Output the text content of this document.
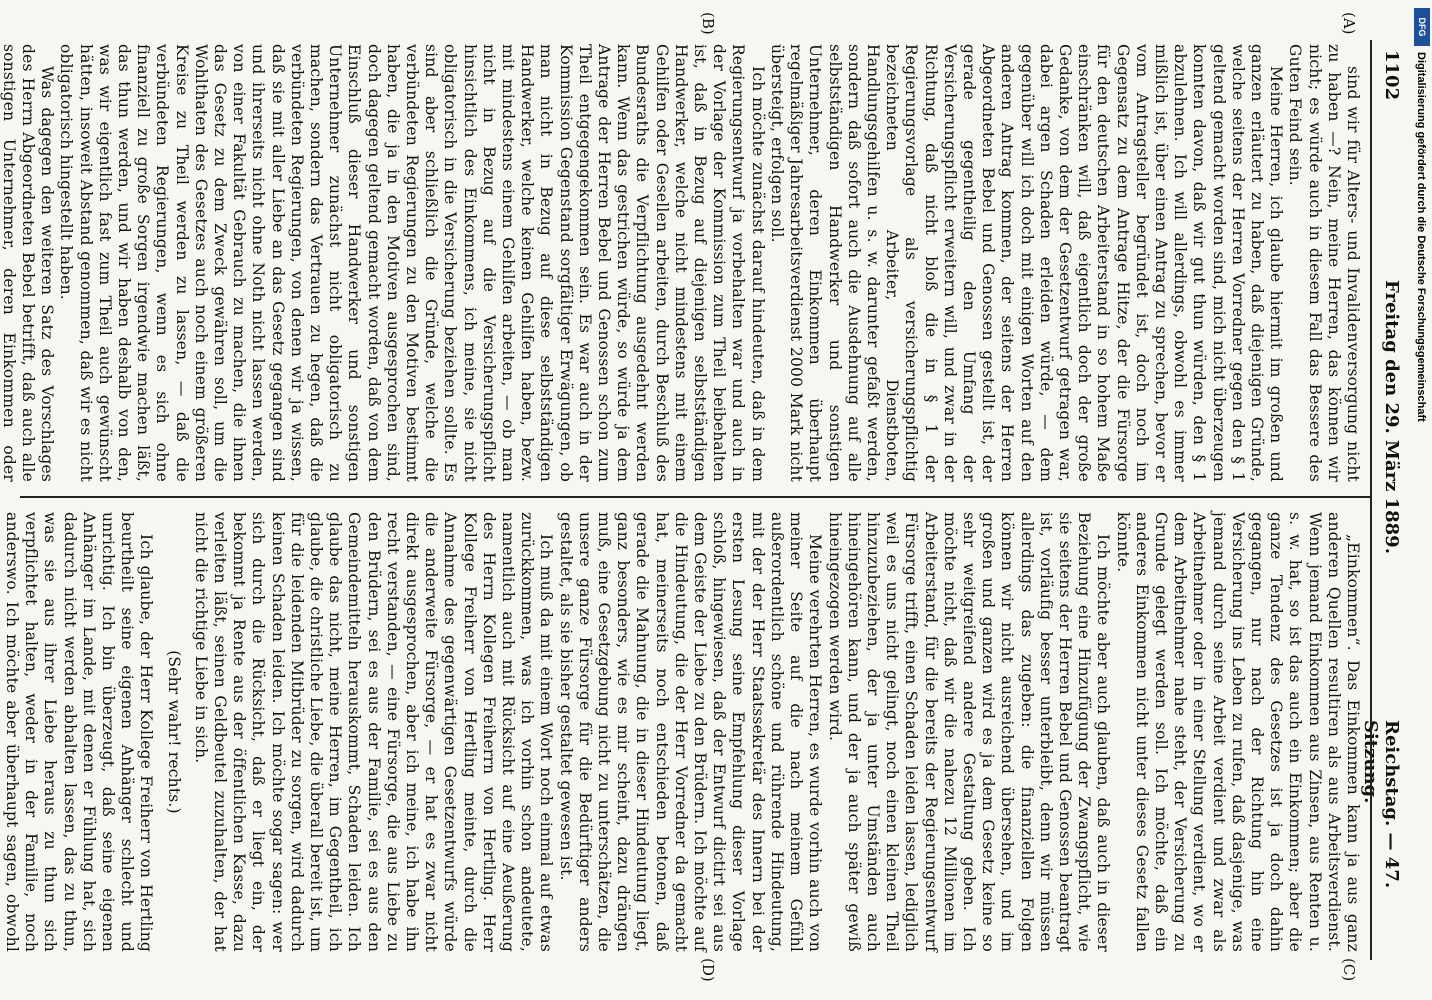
1102
Reichstag. — 47. Sitzung.
Freitag den 29. März 1889.
(A)
(B)
(C)
(D)

sind wir für Alters- und Invalidenversorgung nicht zu haben —? Nein, meine Herren, das können wir nicht; es würde auch in diesem Fall das Bessere des Guten Feind sein.

Meine Herren, ich glaube hiermit im großen und ganzen erläutert zu haben, daß diejenigen Gründe, welche seitens der Herren Vorredner gegen den § 1 geltend gemacht worden sind, mich nicht überzeugen konnten davon, daß wir gut thun würden, den § 1 abzulehnen. Ich will allerdings, obwohl es immer mißlich ist, über einen Antrag zu sprechen, bevor er vom Antragsteller begründet ist, doch noch im Gegensatz zu dem Antrage Hitze, der die Fürsorge für den deutschen Arbeiterstand in so hohem Maße einschränken will, daß eigentlich doch der große Gedanke, von dem der Gesetzentwurf getragen war, dabei argen Schaden erleiden würde, — dem gegenüber will ich doch mit einigen Worten auf den anderen Antrag kommen, der seitens der Herren Abgeordneten Bebel und Genossen gestellt ist, der gerade gegentheilig den Umfang der Versicherungspflicht erweitern will, und zwar in der Richtung, daß nicht bloß die in § 1 der Regierungsvorlage als versicherungspflichtig bezeichneten Arbeiter, Dienstboten, Handlungsgehilfen u. s. w. darunter gefaßt werden, sondern daß sofort auch die Ausdehnung auf alle selbstständigen Handwerker und sonstigen Unternehmer, deren Einkommen überhaupt regelmäßiger Jahresarbeitsverdienst 2000 Mark nicht übersteigt, erfolgen soll.

Ich möchte zunächst darauf hindeuten, daß in dem Regierungsentwurf ja vorbehalten war und auch in der Vorlage der Kommission zum Theil beibehalten ist, daß in Bezug auf diejenigen selbstständigen Handwerker, welche nicht mindestens mit einem Gehilfen oder Gesellen arbeiten, durch Beschluß des Bundesraths die Verpflichtung ausgedehnt werden kann. Wenn das gestrichen würde, so würde ja dem Antrage der Herren Bebel und Genossen schon zum Theil entgegengekommen sein. Es war auch in der Kommission Gegenstand sorgfältiger Erwägungen, ob man nicht in Bezug auf diese selbstständigen Handwerker, welche keinen Gehilfen haben, bezw. mit mindestens einem Gehilfen arbeiten, — ob man nicht in Bezug auf die Versicherungspflicht hinsichtlich des Einkommens, ich meine, sie nicht obligatorisch in die Versicherung beziehen sollte. Es sind aber schließlich die Gründe, welche die verbündeten Regierungen zu den Motiven bestimmt haben, die ja in den Motiven ausgesprochen sind, doch dagegen geltend gemacht worden, daß von dem Einschluß dieser Handwerker und sonstigen Unternehmer zunächst nicht obligatorisch zu machen, sondern das Vertrauen zu hegen, daß die verbündeten Regierungen, von denen wir ja wissen, daß sie mit aller Liebe an das Gesetz gegangen sind und ihrerseits nicht ohne Noth nicht lassen werden, von einer Fakultät Gebrauch zu machen, die ihnen das Gesetz zu dem Zweck gewähren soll, um die Wohlthaten des Gesetzes auch noch einem größeren Kreise zu Theil werden zu lassen, — daß die verbündeten Regierungen, wenn es sich ohne finanziell zu große Sorgen irgendwie machen läßt, das thun werden, und wir haben deshalb von den, was wir eigentlich fast zum Theil auch gewünscht hätten, insoweit Abstand genommen, daß wir es nicht obligatorisch hingestellt haben.

Was dagegen den weiteren Satz des Vorschlages des Herrn Abgeordneten Bebel betrifft, daß auch alle sonstigen Unternehmer, deren Einkommen oder

„Einkommen“. Das Einkommen kann ja aus ganz anderen Quellen resultiren als aus Arbeitsverdienst. Wenn jemand Einkommen aus Zinsen, aus Renten u. s. w. hat, so ist das auch ein Einkommen; aber die ganze Tendenz des Gesetzes ist ja doch dahin gegangen, nur nach der Richtung hin eine Versicherung ins Leben zu rufen, daß dasjenige, was jemand durch seine Arbeit verdient und zwar als Arbeitnehmer oder in einer Stellung verdient, wo er dem Arbeitnehmer nahe steht, der Versicherung zu Grunde gelegt werden soll. Ich möchte, daß ein anderes Einkommen nicht unter dieses Gesetz fallen könnte.

Ich möchte aber auch glauben, daß auch in dieser Beziehung eine Hinzufügung der Zwangspflicht, wie sie seitens der Herren Bebel und Genossen beantragt ist, vorläufig besser unterbleibt, denn wir müssen allerdings das zugeben: die finanziellen Folgen können wir nicht ausreichend übersehen, und im großen und ganzen wird es ja dem Gesetz keine so sehr weitgreifend andere Gestaltung geben. Ich möchte nicht, daß wir die nahezu 12 Millionen im Arbeiterstand, für die bereits der Regierungsentwurf Fürsorge trifft, einen Schaden leiden lassen, lediglich weil es uns nicht gelingt, noch einen kleinen Theil hinzuzubeziehen, der ja unter Umständen auch hineingehören kann, und der ja auch später gewiß hineingezogen werden wird.

Meine verehrten Herren, es wurde vorhin auch von meiner Seite auf die nach meinem Gefühl außerordentlich schöne und rührende Hindeutung, mit der der Herr Staatssekretär des Innern bei der ersten Lesung seine Empfehlung dieser Vorlage schloß, hingewiesen, daß der Entwurf dictirt sei aus dem Geiste der Liebe zu den Brüdern. Ich möchte auf die Hindeutung, die der Herr Vorredner da gemacht hat, meinerseits noch entschieden betonen, daß gerade die Mahnung, die in dieser Hindeutung liegt, ganz besonders, wie es mir scheint, dazu drängen muß, eine Gesetzgebung nicht zu unterschätzen, die unsere ganze Fürsorge für die Bedürftiger anders gestaltet, als sie bisher gestaltet gewesen ist.

Ich muß da mit einem Wort noch einmal auf etwas zurückkommen, was ich vorhin schon andeutete, namentlich auch mit Rücksicht auf eine Aeußerung des Herrn Kollegen Freiherrn von Hertling. Herr Kollege Freiherr von Hertling meinte, durch die Annahme des gegenwärtigen Gesetzentwurfs würde die anderweite Fürsorge, — er hat es zwar nicht direkt ausgesprochen, aber ich meine, ich habe ihn recht verstanden, — eine Fürsorge, die aus Liebe zu den Brüdern, sei es aus der Familie, sei es aus den Gemeindemitteln herauskommt, Schaden leiden. Ich glaube das nicht, meine Herren, im Gegentheil, ich glaube, die christliche Liebe, die überall bereit ist, um für die leidenden Mitbrüder zu sorgen, wird dadurch keinen Schaden leiden. Ich möchte sogar sagen: wer sich durch die Rücksicht, daß er liegt ein, der bekommt ja Rente aus der öffentlichen Kasse, dazu verleiten läßt, seinen Geldbeutel zuzuhalten, der hat nicht die richtige Liebe in sich.

(Sehr wahr! rechts.)

Ich glaube, der Herr Kollege Freiherr von Hertling beurtheilt seine eigenen Anhänger schlecht und unrichtig. Ich bin überzeugt, daß seine eigenen Anhänger im Lande, mit denen er Fühlung hat, sich dadurch nicht werden abhalten lassen, das zu thun, was sie aus ihrer Liebe heraus zu thun sich verpflichtet halten, weder in der Familie, noch anderswo. Ich möchte aber überhaupt sagen, obwohl

DFG
Digitalisierung gefördert durch die Deutsche Forschungsgemeinschaft
